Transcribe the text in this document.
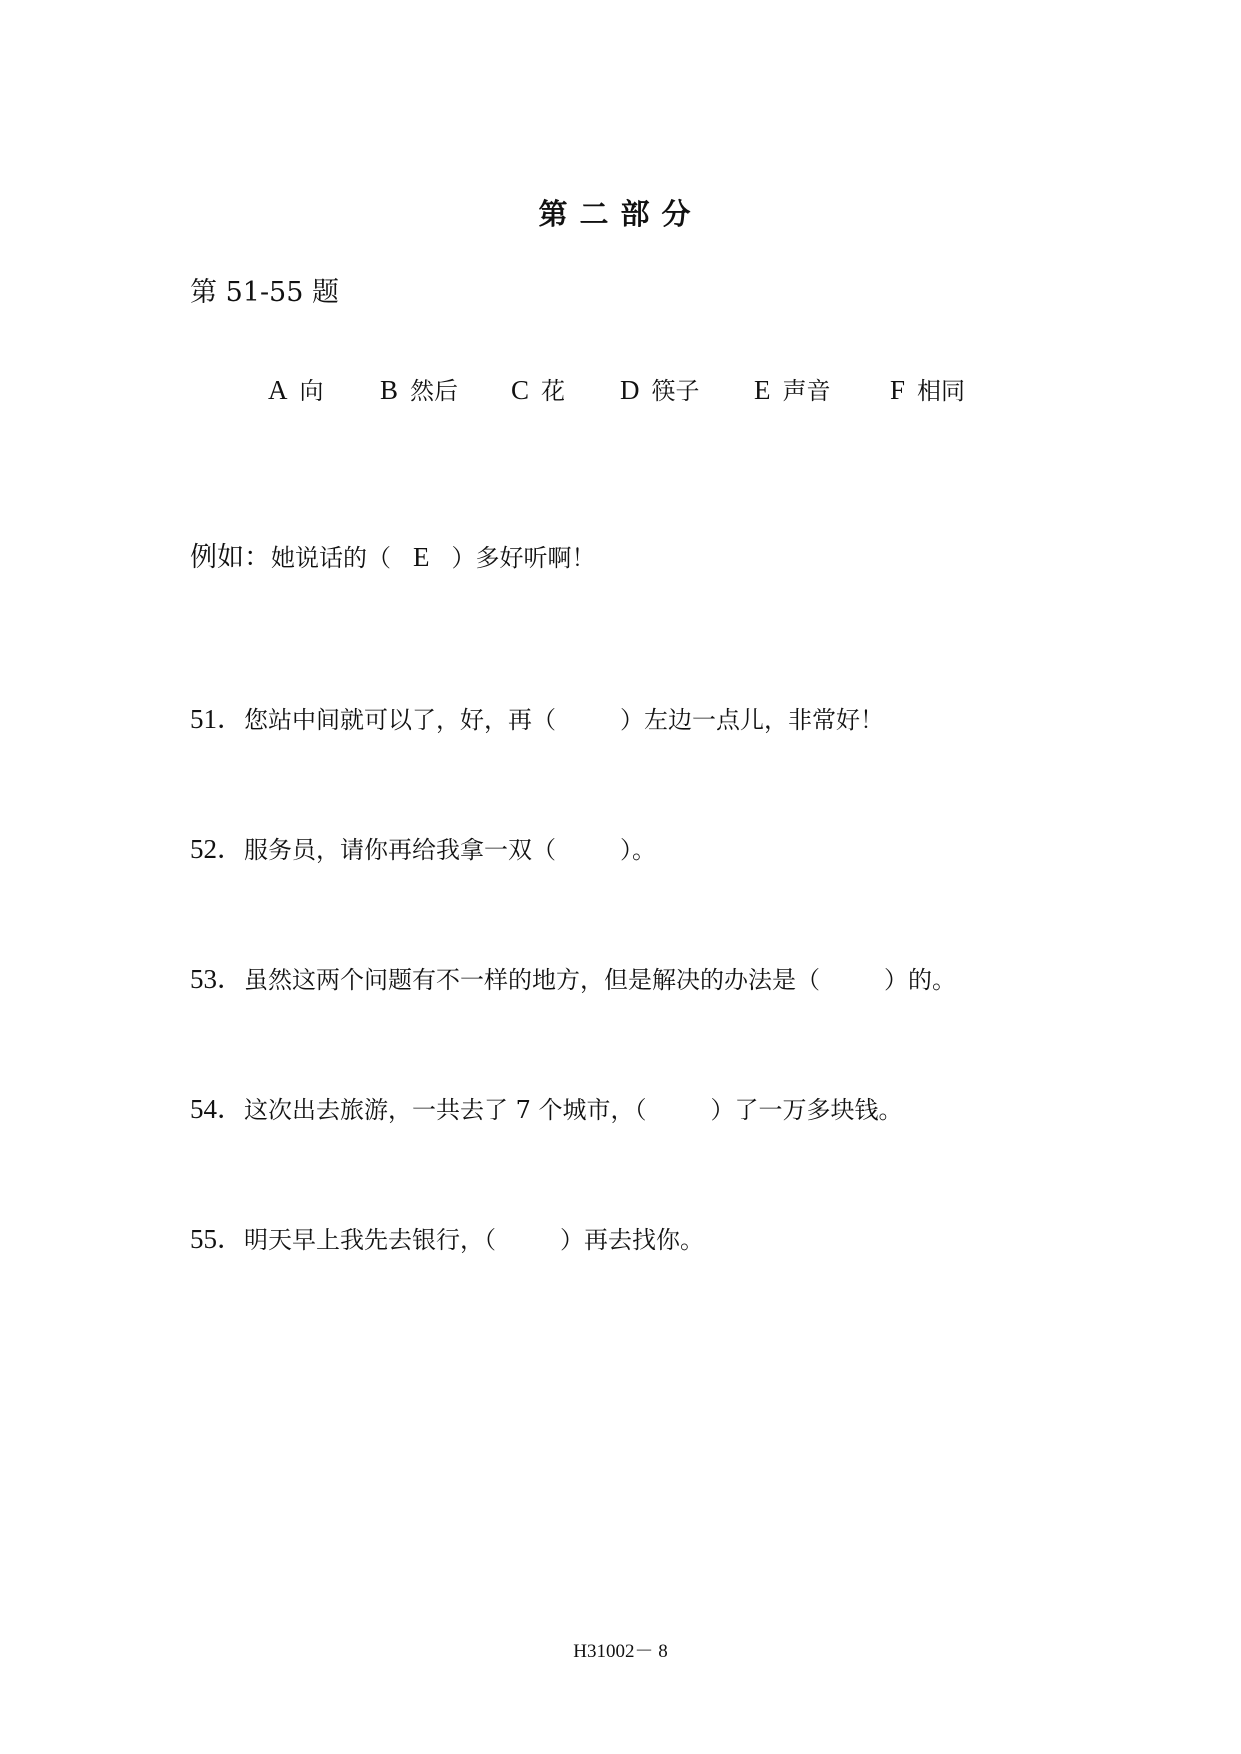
第二部分
第 51-55 题
A 向 B 然后 C 花 D 筷子 E 声音 F 相同
例如：她说话的（ E ）多好听啊！
51．您站中间就可以了，好，再（	）左边一点儿，非常好！
52．服务员，请你再给我拿一双（	）。
53．虽然这两个问题有不一样的地方，但是解决的办法是（	）的。
54．这次出去旅游，一共去了 7 个城市，（	）了一万多块钱。
55．明天早上我先去银行，（	）再去找你。
H31002－ 8
